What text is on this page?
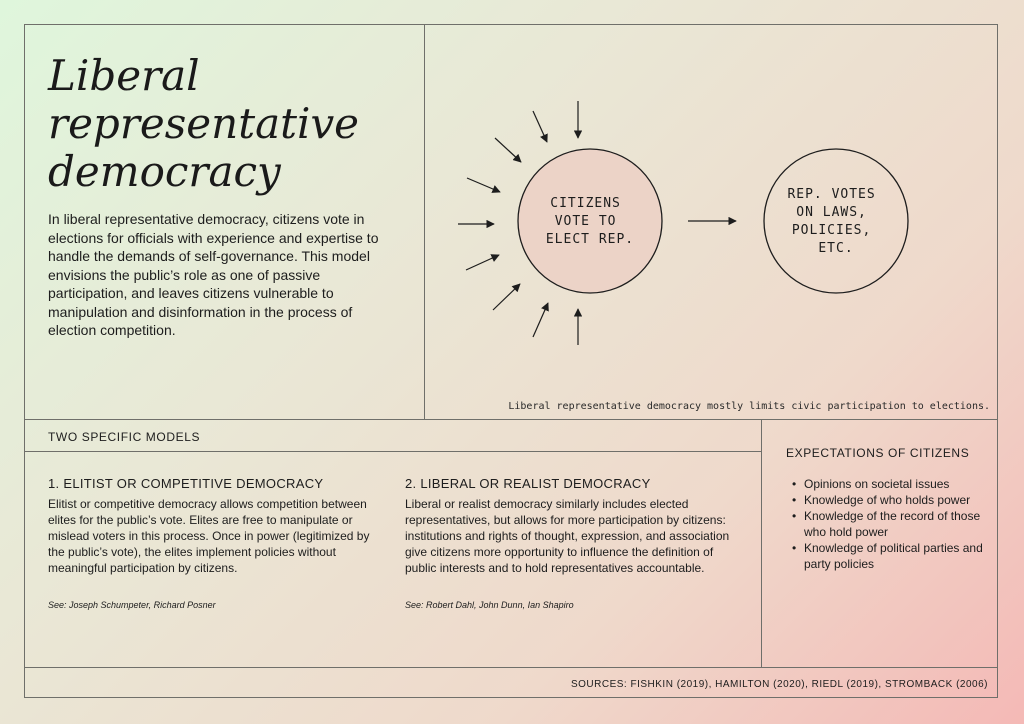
Liberal
representative
democracy

In liberal representative democracy, citizens vote in elections for officials with experience and expertise to handle the demands of self-governance. This model envisions the public’s role as one of passive participation, and leaves citizens vulnerable to manipulation and disinformation in the process of election competition.

CITIZENS VOTE TO ELECT REP.
REP. VOTES ON LAWS, POLICIES, ETC.

Liberal representative democracy mostly limits civic participation to elections.

TWO SPECIFIC MODELS
1. ELITIST OR COMPETITIVE DEMOCRACY

Elitist or competitive democracy allows competition between elites for the public’s vote. Elites are free to manipulate or mislead voters in this process. Once in power (legitimized by the public’s vote), the elites implement policies without meaningful participation by citizens.

See: Joseph Schumpeter, Richard Posner

2. LIBERAL OR REALIST DEMOCRACY

Liberal or realist democracy similarly includes elected representatives, but allows for more participation by citizens: institutions and rights of thought, expression, and association give citizens more opportunity to influence the definition of public interests and to hold representatives accountable.

See: Robert Dahl, John Dunn, Ian Shapiro

EXPECTATIONS OF CITIZENS
• Opinions on societal issues
• Knowledge of who holds power
• Knowledge of the record of those who hold power
• Knowledge of political parties and party policies

SOURCES: FISHKIN (2019), HAMILTON (2020), RIEDL (2019), STROMBACK (2006)
